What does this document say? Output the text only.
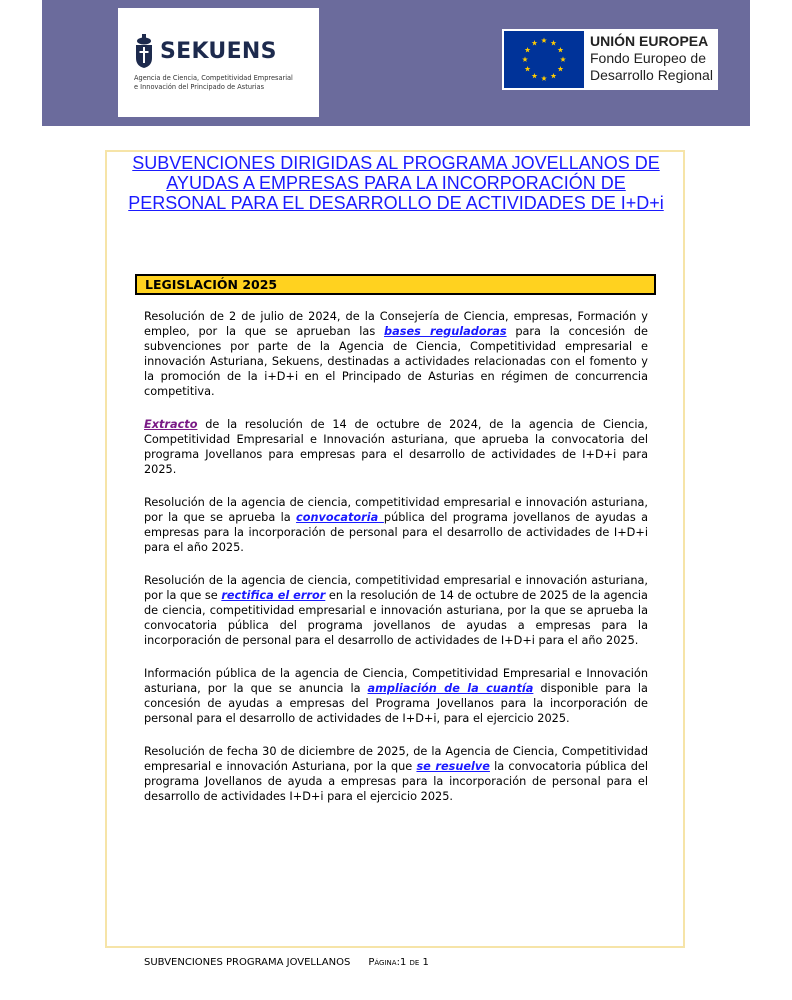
SEKUENS
Agencia de Ciencia, Competitividad Empresarial
e Innovación del Principado de Asturias
UNIÓN EUROPEA
Fondo Europeo de
Desarrollo Regional
SUBVENCIONES DIRIGIDAS AL PROGRAMA JOVELLANOS DE AYUDAS A EMPRESAS PARA LA INCORPORACIÓN DE PERSONAL PARA EL DESARROLLO DE ACTIVIDADES DE I+D+i
LEGISLACIÓN 2025

Resolución de 2 de julio de 2024, de la Consejería de Ciencia, empresas, Formación y empleo, por la que se aprueban las bases reguladoras para la concesión de subvenciones por parte de la Agencia de Ciencia, Competitividad empresarial e innovación Asturiana, Sekuens, destinadas a actividades relacionadas con el fomento y la promoción de la i+D+i en el Principado de Asturias en régimen de concurrencia competitiva.

Extracto de la resolución de 14 de octubre de 2024, de la agencia de Ciencia, Competitividad Empresarial e Innovación asturiana, que aprueba la convocatoria del programa Jovellanos para empresas para el desarrollo de actividades de I+D+i para 2025.

Resolución de la agencia de ciencia, competitividad empresarial e innovación asturiana, por la que se aprueba la convocatoria pública del programa jovellanos de ayudas a empresas para la incorporación de personal para el desarrollo de actividades de I+D+i para el año 2025.

Resolución de la agencia de ciencia, competitividad empresarial e innovación asturiana, por la que se rectifica el error en la resolución de 14 de octubre de 2025 de la agencia de ciencia, competitividad empresarial e innovación asturiana, por la que se aprueba la convocatoria pública del programa jovellanos de ayudas a empresas para la incorporación de personal para el desarrollo de actividades de I+D+i para el año 2025.

Información pública de la agencia de Ciencia, Competitividad Empresarial e Innovación asturiana, por la que se anuncia la ampliación de la cuantía disponible para la concesión de ayudas a empresas del Programa Jovellanos para la incorporación de personal para el desarrollo de actividades de I+D+i, para el ejercicio 2025.

Resolución de fecha 30 de diciembre de 2025, de la Agencia de Ciencia, Competitividad empresarial e innovación Asturiana, por la que se resuelve la convocatoria pública del programa Jovellanos de ayuda a empresas para la incorporación de personal para el desarrollo de actividades I+D+i para el ejercicio 2025.

SUBVENCIONES PROGRAMA JOVELLANOS Página:1 de 1
